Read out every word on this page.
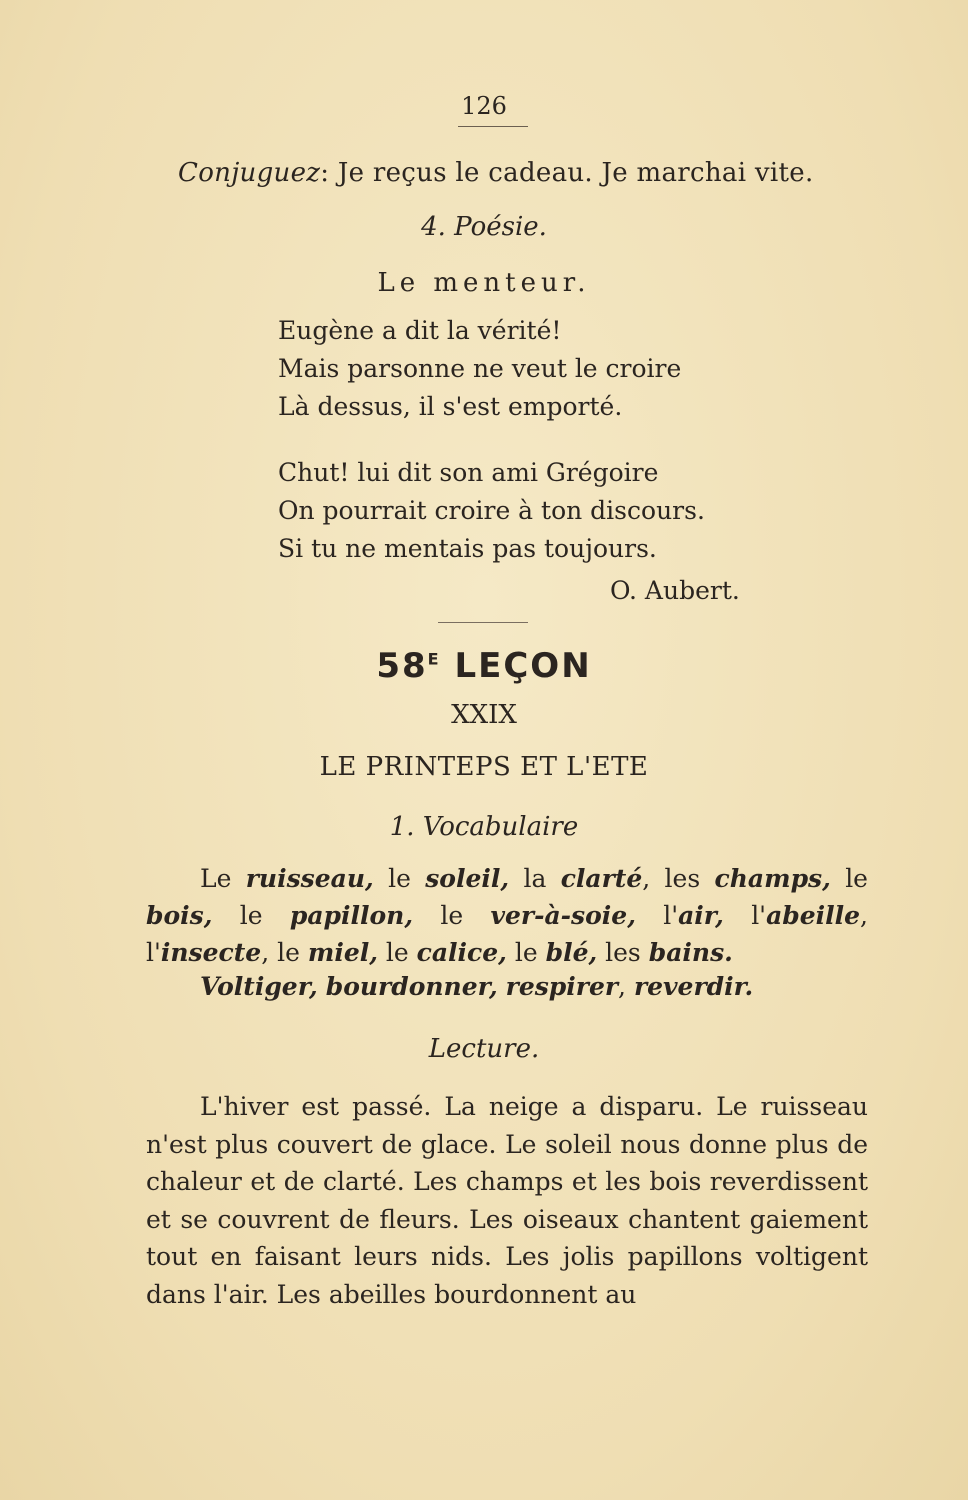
126
Conjuguez: Je reçus le cadeau. Je marchai vite.
4. Poésie.
Le menteur.
Eugène a dit la vérité!
Mais parsonne ne veut le croire
Là dessus, il s'est emporté.
Chut! lui dit son ami Grégoire
On pourrait croire à ton discours.
Si tu ne mentais pas toujours.
O. Aubert.
$58^E$ LEÇON
XXIX
LE PRINTEPS ET L'ETE
1. Vocabulaire
Le ruisseau, le soleil, la clarté, les champs, le bois, le papillon, le ver-à-soie, l'air, l'abeille, l'insecte, le miel, le calice, le blé, les bains.
Voltiger, bourdonner, respirer, reverdir.
Lecture.

L'hiver est passé. La neige a disparu. Le ruisseau n'est plus couvert de glace. Le soleil nous donne plus de chaleur et de clarté. Les champs et les bois reverdissent et se couvrent de fleurs. Les oiseaux chantent gaiement tout en faisant leurs nids. Les jolis papillons voltigent dans l'air. Les abeilles bourdonnent au
